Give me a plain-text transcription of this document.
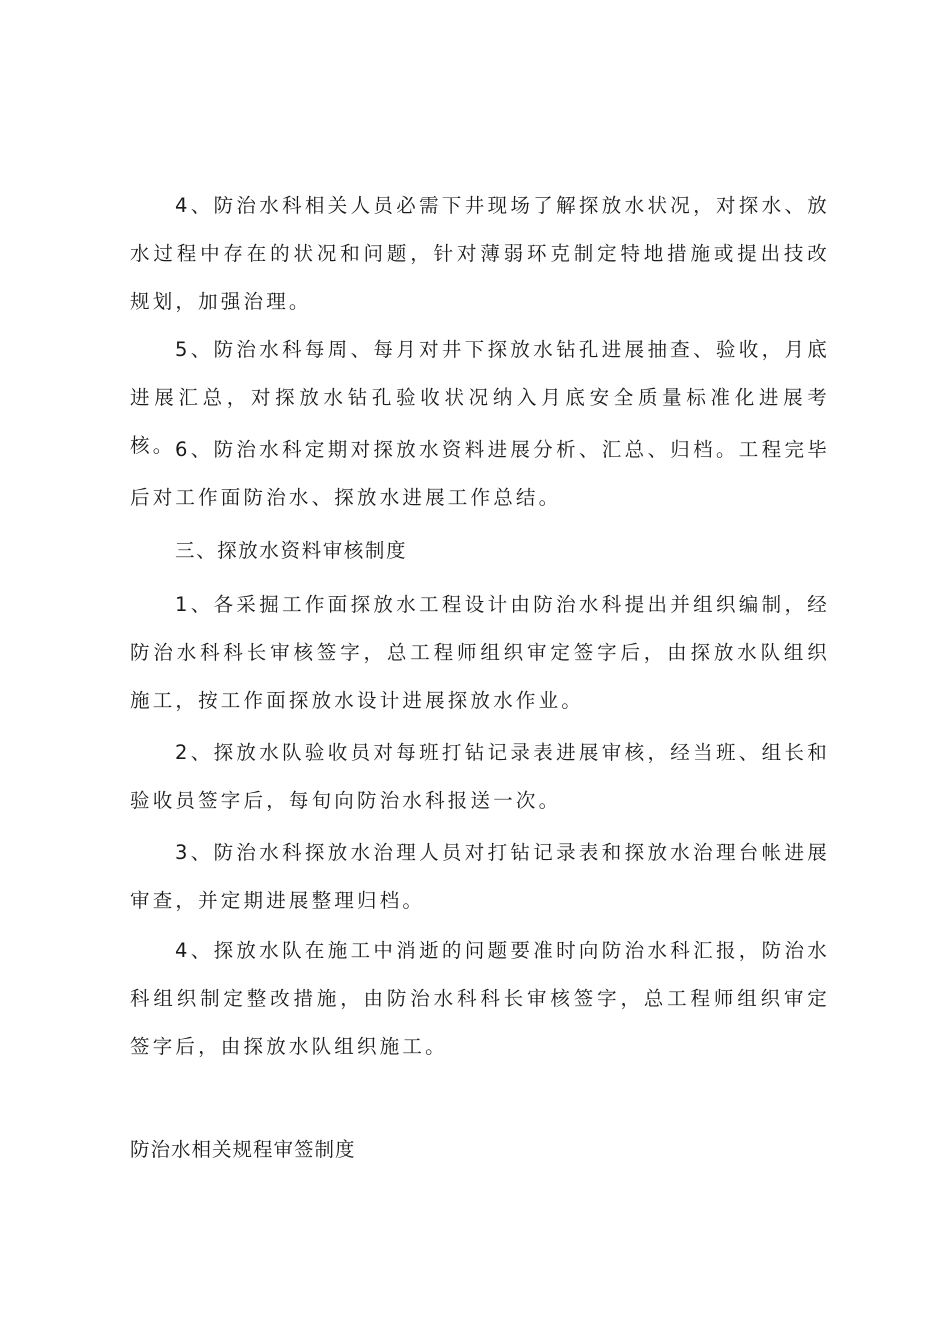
4、防治水科相关人员必需下井现场了解探放水状况，对探水、放水过程中存在的状况和问题，针对薄弱环克制定特地措施或提出技改规划，加强治理。

5、防治水科每周、每月对井下探放水钻孔进展抽查、验收，月底进展汇总，对探放水钻孔验收状况纳入月底安全质量标准化进展考核。 6、防治水科定期对探放水资料进展分析、汇总、归档。工程完毕后对工作面防治水、探放水进展工作总结。

三、探放水资料审核制度

1、各采掘工作面探放水工程设计由防治水科提出并组织编制，经防治水科科长审核签字，总工程师组织审定签字后，由探放水队组织施工，按工作面探放水设计进展探放水作业。

2、探放水队验收员对每班打钻记录表进展审核，经当班、组长和验收员签字后，每旬向防治水科报送一次。

3、防治水科探放水治理人员对打钻记录表和探放水治理台帐进展审查，并定期进展整理归档。

4、探放水队在施工中消逝的问题要准时向防治水科汇报，防治水科组织制定整改措施，由防治水科科长审核签字，总工程师组织审定签字后，由探放水队组织施工。

防治水相关规程审签制度
